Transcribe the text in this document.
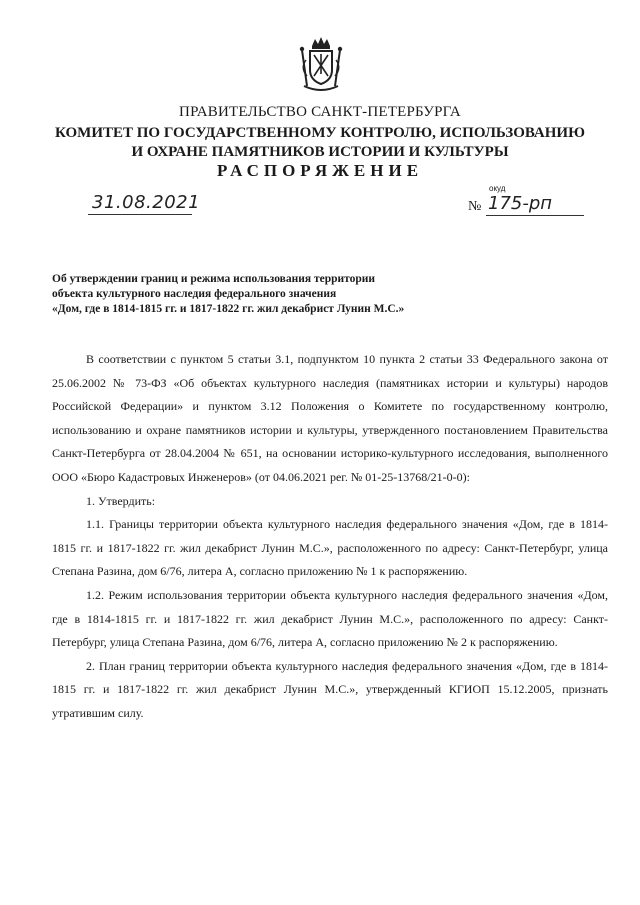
ПРАВИТЕЛЬСТВО САНКТ-ПЕТЕРБУРГА
КОМИТЕТ ПО ГОСУДАРСТВЕННОМУ КОНТРОЛЮ, ИСПОЛЬЗОВАНИЮ
И ОХРАНЕ ПАМЯТНИКОВ ИСТОРИИ И КУЛЬТУРЫ
РАСПОРЯЖЕНИЕ
31.08.2021
окуд
№ 175-рп
Об утверждении границ и режима использования территории
объекта культурного наследия федерального значения
«Дом, где в 1814-1815 гг. и 1817-1822 гг. жил декабрист Лунин М.С.»

В соответствии с пунктом 5 статьи 3.1, подпунктом 10 пункта 2 статьи 33 Федерального закона от 25.06.2002 № 73-ФЗ «Об объектах культурного наследия (памятниках истории и культуры) народов Российской Федерации» и пунктом 3.12 Положения о Комитете по государственному контролю, использованию и охране памятников истории и культуры, утвержденного постановлением Правительства Санкт-Петербурга от 28.04.2004 № 651, на основании историко-культурного исследования, выполненного ООО «Бюро Кадастровых Инженеров» (от 04.06.2021 рег. № 01-25-13768/21-0-0):

1. Утвердить:

1.1. Границы территории объекта культурного наследия федерального значения «Дом, где в 1814-1815 гг. и 1817-1822 гг. жил декабрист Лунин М.С.», расположенного по адресу: Санкт-Петербург, улица Степана Разина, дом 6/76, литера А, согласно приложению № 1 к распоряжению.

1.2. Режим использования территории объекта культурного наследия федерального значения «Дом, где в 1814-1815 гг. и 1817-1822 гг. жил декабрист Лунин М.С.», расположенного по адресу: Санкт-Петербург, улица Степана Разина, дом 6/76, литера А, согласно приложению № 2 к распоряжению.

2. План границ территории объекта культурного наследия федерального значения «Дом, где в 1814-1815 гг. и 1817-1822 гг. жил декабрист Лунин М.С.», утвержденный КГИОП 15.12.2005, признать утратившим силу.
